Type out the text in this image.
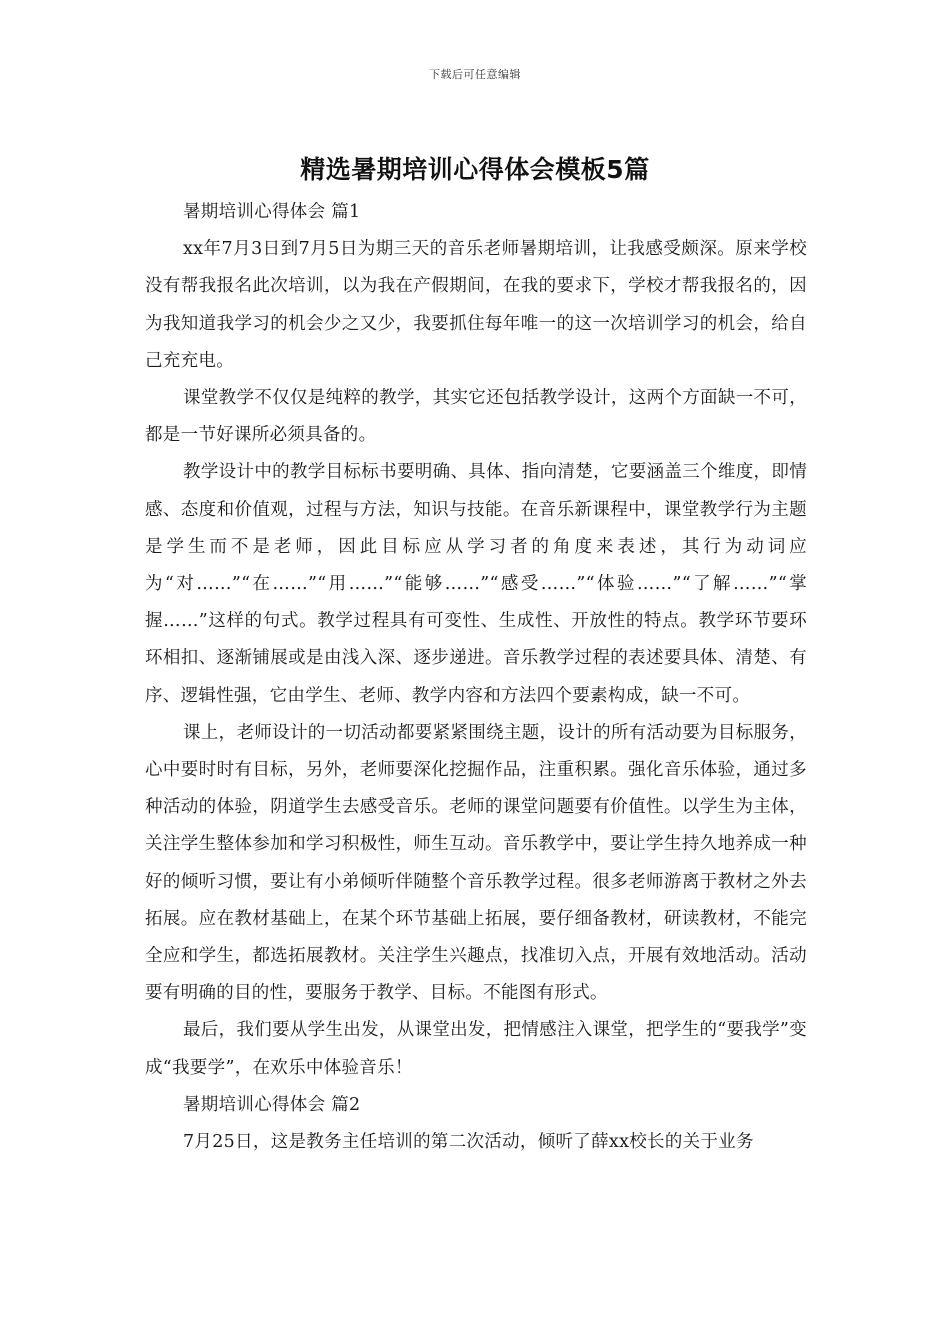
下载后可任意编辑
精选暑期培训心得体会模板5篇

暑期培训心得体会 篇1

xx年7月3日到7月5日为期三天的音乐老师暑期培训，让我感受颇深。原来学校没有帮我报名此次培训，以为我在产假期间，在我的要求下，学校才帮我报名的，因为我知道我学习的机会少之又少，我要抓住每年唯一的这一次培训学习的机会，给自己充充电。

课堂教学不仅仅是纯粹的教学，其实它还包括教学设计，这两个方面缺一不可，都是一节好课所必须具备的。

教学设计中的教学目标标书要明确、具体、指向清楚，它要涵盖三个维度，即情感、态度和价值观，过程与方法，知识与技能。在音乐新课程中，课堂教学行为主题是学生而不是老师，因此目标应从学习者的角度来表述，其行为动词应为“对……”“在……”“用……”“能够……”“感受……”“体验……”“了解……”“掌握……”这样的句式。教学过程具有可变性、生成性、开放性的特点。教学环节要环环相扣、逐渐铺展或是由浅入深、逐步递进。音乐教学过程的表述要具体、清楚、有序、逻辑性强，它由学生、老师、教学内容和方法四个要素构成，缺一不可。

课上，老师设计的一切活动都要紧紧围绕主题，设计的所有活动要为目标服务，心中要时时有目标，另外，老师要深化挖掘作品，注重积累。强化音乐体验，通过多种活动的体验，阴道学生去感受音乐。老师的课堂问题要有价值性。以学生为主体，关注学生整体参加和学习积极性，师生互动。音乐教学中，要让学生持久地养成一种好的倾听习惯，要让有小弟倾听伴随整个音乐教学过程。很多老师游离于教材之外去拓展。应在教材基础上，在某个环节基础上拓展，要仔细备教材，研读教材，不能完全应和学生，都选拓展教材。关注学生兴趣点，找准切入点，开展有效地活动。活动要有明确的目的性，要服务于教学、目标。不能图有形式。

最后，我们要从学生出发，从课堂出发，把情感注入课堂，把学生的“要我学”变成“我要学”，在欢乐中体验音乐！

暑期培训心得体会 篇2

7月25日，这是教务主任培训的第二次活动，倾听了薛xx校长的关于业务
